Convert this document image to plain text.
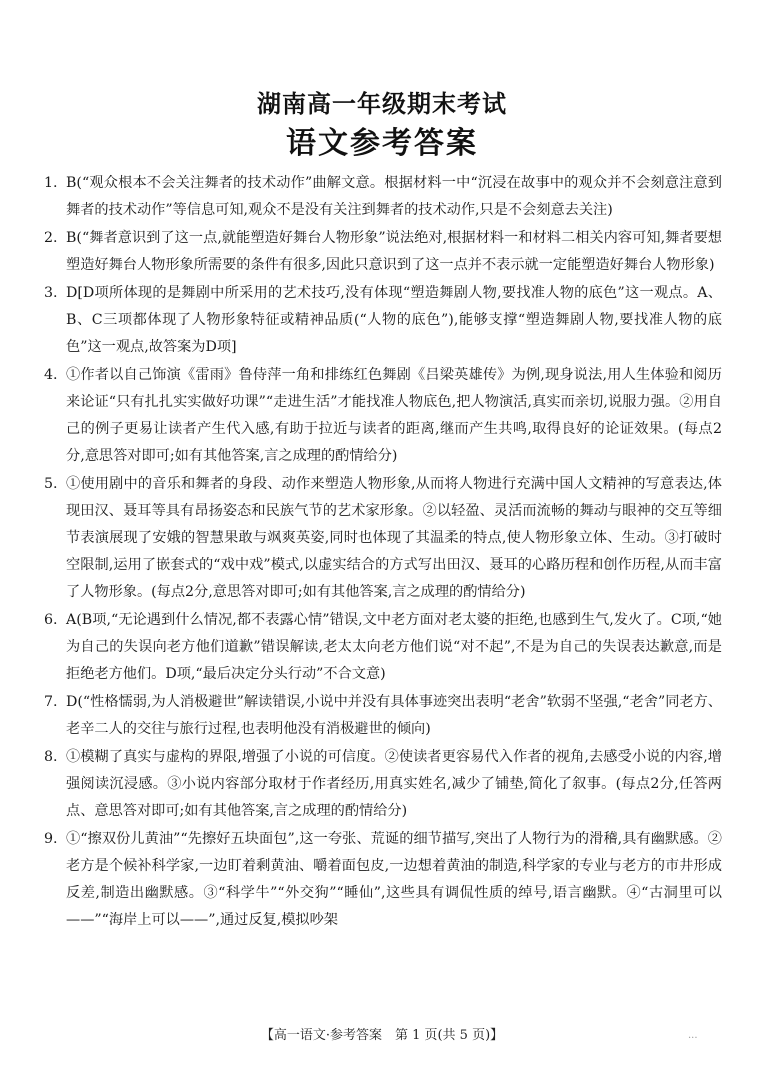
湖南高一年级期末考试
语文参考答案
1. B(“观众根本不会关注舞者的技术动作”曲解文意。根据材料一中“沉浸在故事中的观众并不会刻意注意到舞者的技术动作”等信息可知,观众不是没有关注到舞者的技术动作,只是不会刻意去关注)
2. B(“舞者意识到了这一点,就能塑造好舞台人物形象”说法绝对,根据材料一和材料二相关内容可知,舞者要想塑造好舞台人物形象所需要的条件有很多,因此只意识到了这一点并不表示就一定能塑造好舞台人物形象)
3. D[D项所体现的是舞剧中所采用的艺术技巧,没有体现“塑造舞剧人物,要找准人物的底色”这一观点。A、B、C三项都体现了人物形象特征或精神品质(“人物的底色”),能够支撑“塑造舞剧人物,要找准人物的底色”这一观点,故答案为D项]
4. ①作者以自己饰演《雷雨》鲁侍萍一角和排练红色舞剧《吕梁英雄传》为例,现身说法,用人生体验和阅历来论证“只有扎扎实实做好功课”“走进生活”才能找准人物底色,把人物演活,真实而亲切,说服力强。②用自己的例子更易让读者产生代入感,有助于拉近与读者的距离,继而产生共鸣,取得良好的论证效果。(每点2分,意思答对即可;如有其他答案,言之成理的酌情给分)
5. ①使用剧中的音乐和舞者的身段、动作来塑造人物形象,从而将人物进行充满中国人文精神的写意表达,体现田汉、聂耳等具有昂扬姿态和民族气节的艺术家形象。②以轻盈、灵活而流畅的舞动与眼神的交互等细节表演展现了安娥的智慧果敢与飒爽英姿,同时也体现了其温柔的特点,使人物形象立体、生动。③打破时空限制,运用了嵌套式的“戏中戏”模式,以虚实结合的方式写出田汉、聂耳的心路历程和创作历程,从而丰富了人物形象。(每点2分,意思答对即可;如有其他答案,言之成理的酌情给分)
6. A(B项,“无论遇到什么情况,都不表露心情”错误,文中老方面对老太婆的拒绝,也感到生气,发火了。C项,“她为自己的失误向老方他们道歉”错误解读,老太太向老方他们说“对不起”,不是为自己的失误表达歉意,而是拒绝老方他们。D项,“最后决定分头行动”不合文意)
7. D(“性格懦弱,为人消极避世”解读错误,小说中并没有具体事迹突出表明“老舍”软弱不坚强,“老舍”同老方、老辛二人的交往与旅行过程,也表明他没有消极避世的倾向)
8. ①模糊了真实与虚构的界限,增强了小说的可信度。②使读者更容易代入作者的视角,去感受小说的内容,增强阅读沉浸感。③小说内容部分取材于作者经历,用真实姓名,减少了铺垫,简化了叙事。(每点2分,任答两点、意思答对即可;如有其他答案,言之成理的酌情给分)
9. ①“擦双份儿黄油”“先擦好五块面包”,这一夸张、荒诞的细节描写,突出了人物行为的滑稽,具有幽默感。②老方是个候补科学家,一边盯着剩黄油、嚼着面包皮,一边想着黄油的制造,科学家的专业与老方的市井形成反差,制造出幽默感。③“科学牛”“外交狗”“睡仙”,这些具有调侃性质的绰号,语言幽默。④“古洞里可以——”“海岸上可以——”,通过反复,模拟吵架
【高一语文·参考答案　第 1 页(共 5 页)】	...
